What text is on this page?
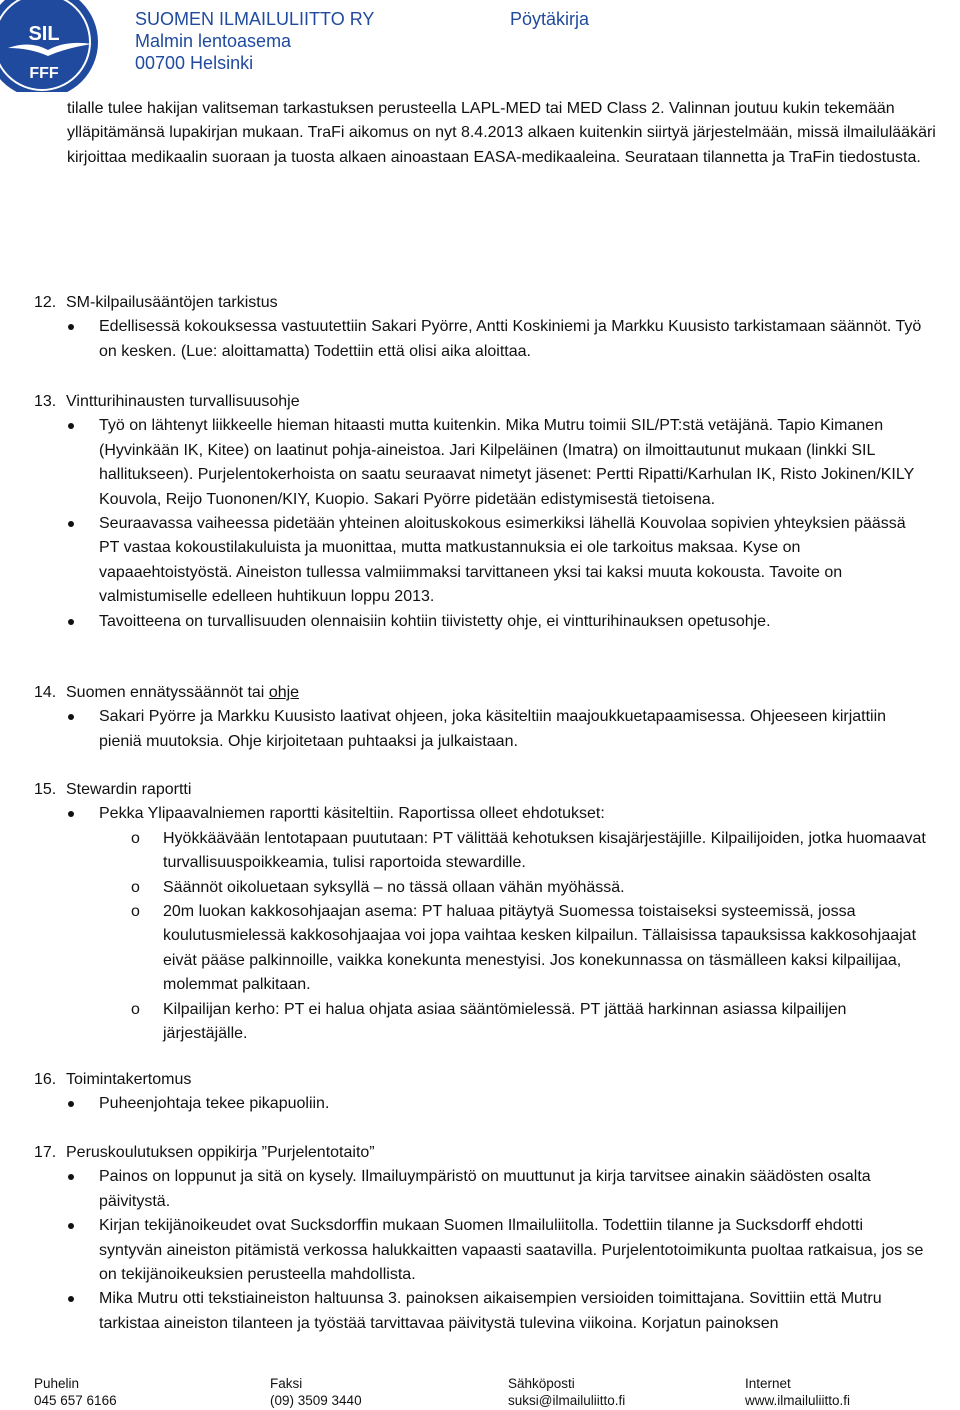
SIL
FFF
SUOMEN ILMAILULIITTO RY	Pöytäkirja
Malmin lentoasema
00700 Helsinki

tilalle tulee hakijan valitseman tarkastuksen perusteella LAPL-MED tai MED Class 2. Valinnan joutuu kukin tekemään ylläpitämänsä lupakirjan mukaan. TraFi aikomus on nyt 8.4.2013 alkaen kuitenkin siirtyä järjestelmään, missä ilmailulääkäri kirjoittaa medikaalin suoraan ja tuosta alkaen ainoastaan EASA-medikaaleina. Seurataan tilannetta ja TraFin tiedostusta.

12. SM-kilpailusääntöjen tarkistus
Edellisessä kokouksessa vastuutettiin Sakari Pyörre, Antti Koskiniemi ja Markku Kuusisto tarkistamaan säännöt. Työ on kesken. (Lue: aloittamatta) Todettiin että olisi aika aloittaa.
13. Vintturihinausten turvallisuusohje
Työ on lähtenyt liikkeelle hieman hitaasti mutta kuitenkin. Mika Mutru toimii SIL/PT:stä vetäjänä. Tapio Kimanen (Hyvinkään IK, Kitee) on laatinut pohja-aineistoa. Jari Kilpeläinen (Imatra) on ilmoittautunut mukaan (linkki SIL hallitukseen). Purjelentokerhoista on saatu seuraavat nimetyt jäsenet: Pertti Ripatti/Karhulan IK, Risto Jokinen/KILY Kouvola, Reijo Tuononen/KIY, Kuopio. Sakari Pyörre pidetään edistymisestä tietoisena.
Seuraavassa vaiheessa pidetään yhteinen aloituskokous esimerkiksi lähellä Kouvolaa sopivien yhteyksien päässä PT vastaa kokoustilakuluista ja muonittaa, mutta matkustannuksia ei ole tarkoitus maksaa. Kyse on vapaaehtoistyöstä. Aineiston tullessa valmiimmaksi tarvittaneen yksi tai kaksi muuta kokousta. Tavoite on valmistumiselle edelleen huhtikuun loppu 2013.
Tavoitteena on turvallisuuden olennaisiin kohtiin tiivistetty ohje, ei vintturihinauksen opetusohje.
14. Suomen ennätyssäännöt tai ohje
Sakari Pyörre ja Markku Kuusisto laativat ohjeen, joka käsiteltiin maajoukkuetapaamisessa. Ohjeeseen kirjattiin pieniä muutoksia. Ohje kirjoitetaan puhtaaksi ja julkaistaan.
15. Stewardin raportti
Pekka Ylipaavalniemen raportti käsiteltiin. Raportissa olleet ehdotukset:
o Hyökkäävään lentotapaan puututaan: PT välittää kehotuksen kisajärjestäjille. Kilpailijoiden, jotka huomaavat turvallisuuspoikkeamia, tulisi raportoida stewardille.
o Säännöt oikoluetaan syksyllä – no tässä ollaan vähän myöhässä.
o 20m luokan kakkosohjaajan asema: PT haluaa pitäytyä Suomessa toistaiseksi systeemissä, jossa koulutusmielessä kakkosohjaajaa voi jopa vaihtaa kesken kilpailun. Tällaisissa tapauksissa kakkosohjaajat eivät pääse palkinnoille, vaikka konekunta menestyisi. Jos konekunnassa on täsmälleen kaksi kilpailijaa, molemmat palkitaan.
o Kilpailijan kerho: PT ei halua ohjata asiaa sääntömielessä. PT jättää harkinnan asiassa kilpailijen järjestäjälle.
16. Toimintakertomus
Puheenjohtaja tekee pikapuoliin.
17. Peruskoulutuksen oppikirja ”Purjelentotaito”
Painos on loppunut ja sitä on kysely. Ilmailuympäristö on muuttunut ja kirja tarvitsee ainakin säädösten osalta päivitystä.
Kirjan tekijänoikeudet ovat Sucksdorffin mukaan Suomen Ilmailuliitolla. Todettiin tilanne ja Sucksdorff ehdotti syntyvän aineiston pitämistä verkossa halukkaitten vapaasti saatavilla. Purjelentotoimikunta puoltaa ratkaisua, jos se on tekijänoikeuksien perusteella mahdollista.
Mika Mutru otti tekstiaineiston haltuunsa 3. painoksen aikaisempien versioiden toimittajana. Sovittiin että Mutru tarkistaa aineiston tilanteen ja työstää tarvittavaa päivitystä tulevina viikoina. Korjatun painoksen
Puhelin
045 657 6166
Faksi
(09) 3509 3440
Sähköposti
suksi@ilmailuliitto.fi
Internet
www.ilmailuliitto.fi
